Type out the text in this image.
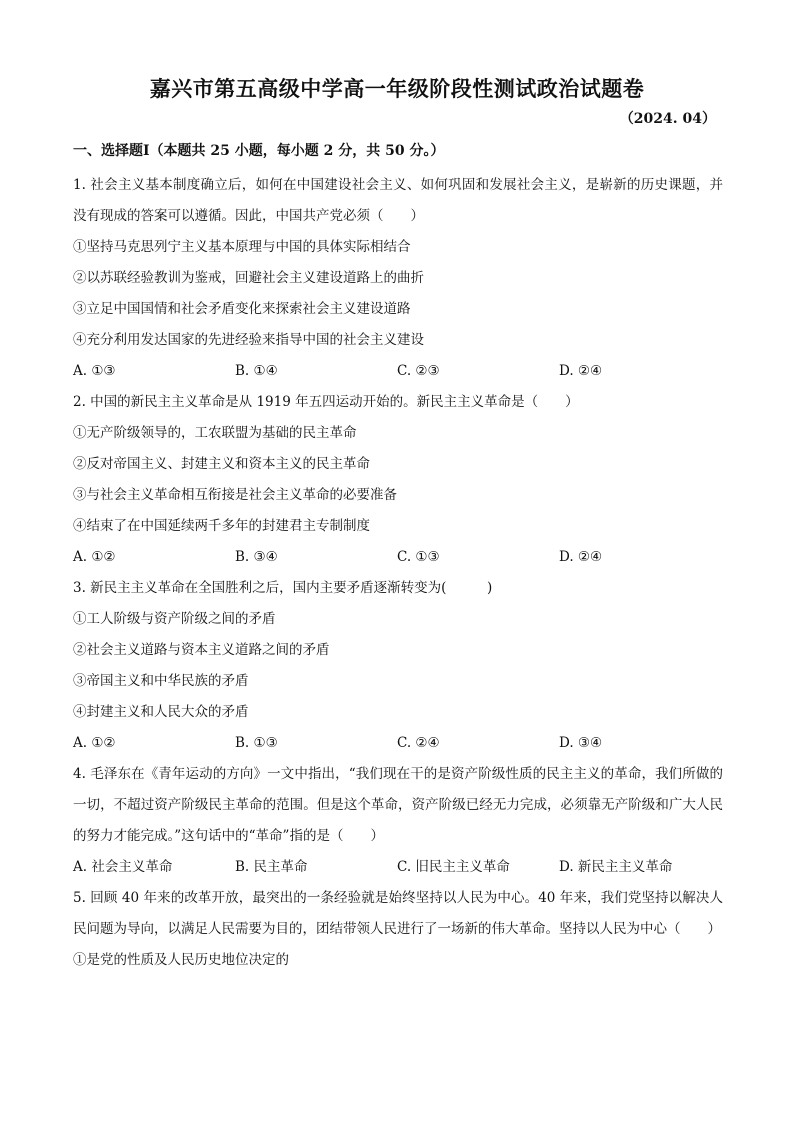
嘉兴市第五高级中学高一年级阶段性测试政治试题卷
（2024. 04）
一、选择题Ⅰ（本题共 25 小题，每小题 2 分，共 50 分。）

1. 社会主义基本制度确立后，如何在中国建设社会主义、如何巩固和发展社会主义，是崭新的历史课题，并没有现成的答案可以遵循。因此，中国共产党必须（　　）

①坚持马克思列宁主义基本原理与中国的具体实际相结合

②以苏联经验教训为鉴戒，回避社会主义建设道路上的曲折

③立足中国国情和社会矛盾变化来探索社会主义建设道路

④充分利用发达国家的先进经验来指导中国的社会主义建设

A. ①③	B. ①④	C. ②③	D. ②④

2. 中国的新民主主义革命是从 1919 年五四运动开始的。新民主主义革命是（　　）

①无产阶级领导的，工农联盟为基础的民主革命

②反对帝国主义、封建主义和资本主义的民主革命

③与社会主义革命相互衔接是社会主义革命的必要准备

④结束了在中国延续两千多年的封建君主专制制度

A. ①②	B. ③④	C. ①③	D. ②④

3. 新民主主义革命在全国胜利之后，国内主要矛盾逐渐转变为(　　　)

①工人阶级与资产阶级之间的矛盾

②社会主义道路与资本主义道路之间的矛盾

③帝国主义和中华民族的矛盾

④封建主义和人民大众的矛盾

A. ①②	B. ①③	C. ②④	D. ③④

4. 毛泽东在《青年运动的方向》一文中指出，“我们现在干的是资产阶级性质的民主主义的革命，我们所做的一切，不超过资产阶级民主革命的范围。但是这个革命，资产阶级已经无力完成，必须靠无产阶级和广大人民的努力才能完成。”这句话中的“革命”指的是（　　）

A. 社会主义革命	B. 民主革命	C. 旧民主主义革命	D. 新民主主义革命

5. 回顾 40 年来的改革开放，最突出的一条经验就是始终坚持以人民为中心。40 年来，我们党坚持以解决人民问题为导向，以满足人民需要为目的，团结带领人民进行了一场新的伟大革命。坚持以人民为中心（　　）

①是党的性质及人民历史地位决定的
